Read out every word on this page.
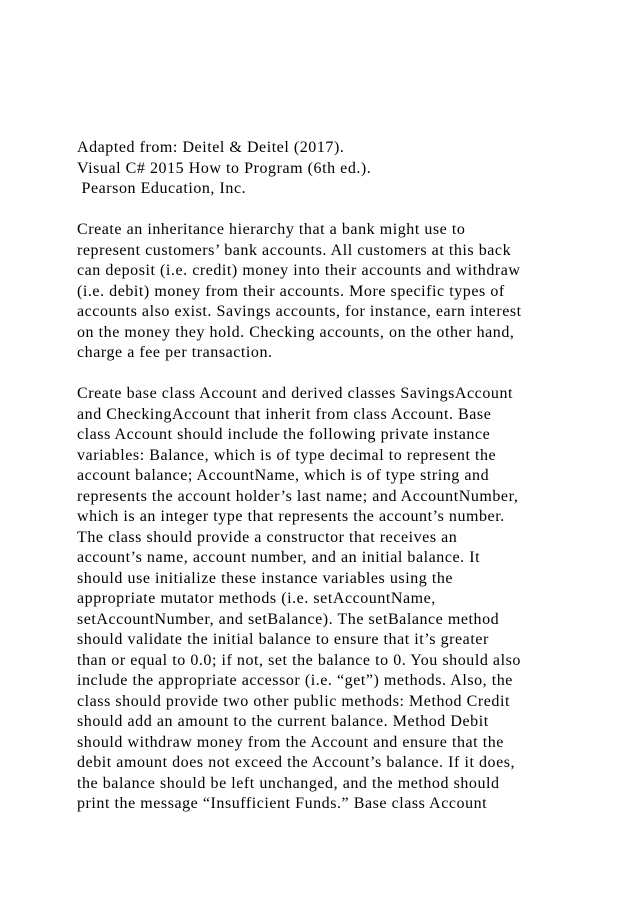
Adapted from: Deitel & Deitel (2017).
Visual C# 2015 How to Program (6th ed.).
Pearson Education, Inc.
Create an inheritance hierarchy that a bank might use to
represent customers’ bank accounts. All customers at this back
can deposit (i.e. credit) money into their accounts and withdraw
(i.e. debit) money from their accounts. More specific types of
accounts also exist. Savings accounts, for instance, earn interest
on the money they hold. Checking accounts, on the other hand,
charge a fee per transaction.
Create base class Account and derived classes SavingsAccount
and CheckingAccount that inherit from class Account. Base
class Account should include the following private instance
variables: Balance, which is of type decimal to represent the
account balance; AccountName, which is of type string and
represents the account holder’s last name; and AccountNumber,
which is an integer type that represents the account’s number.
The class should provide a constructor that receives an
account’s name, account number, and an initial balance. It
should use initialize these instance variables using the
appropriate mutator methods (i.e. setAccountName,
setAccountNumber, and setBalance). The setBalance method
should validate the initial balance to ensure that it’s greater
than or equal to 0.0; if not, set the balance to 0. You should also
include the appropriate accessor (i.e. “get”) methods. Also, the
class should provide two other public methods: Method Credit
should add an amount to the current balance. Method Debit
should withdraw money from the Account and ensure that the
debit amount does not exceed the Account’s balance. If it does,
the balance should be left unchanged, and the method should
print the message “Insufficient Funds.” Base class Account
